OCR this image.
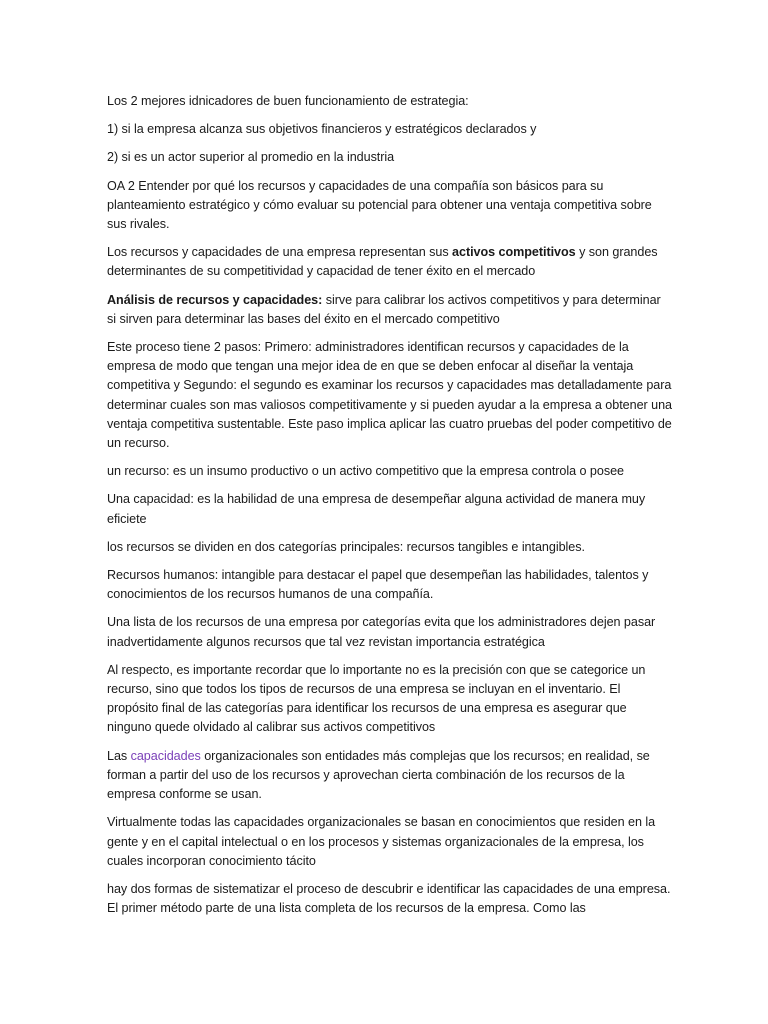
Los 2 mejores idnicadores de buen funcionamiento de estrategia:

1) si la empresa alcanza sus objetivos financieros y estratégicos declarados y

2) si es un actor superior al promedio en la industria

OA 2 Entender por qué los recursos y capacidades de una compañía son básicos para su planteamiento estratégico y cómo evaluar su potencial para obtener una ventaja competitiva sobre sus rivales.

Los recursos y capacidades de una empresa representan sus activos competitivos y son grandes determinantes de su competitividad y capacidad de tener éxito en el mercado

Análisis de recursos y capacidades: sirve para calibrar los activos competitivos y para determinar si sirven para determinar las bases del éxito en el mercado competitivo

Este proceso tiene 2 pasos: Primero: administradores identifican recursos y capacidades de la empresa de modo que tengan una mejor idea de en que se deben enfocar al diseñar la ventaja competitiva y Segundo: el segundo es examinar los recursos y capacidades mas detalladamente para determinar cuales son mas valiosos competitivamente y si pueden ayudar a la empresa a obtener una ventaja competitiva sustentable. Este paso implica aplicar las cuatro pruebas del poder competitivo de un recurso.

un recurso: es un insumo productivo o un activo competitivo que la empresa controla o posee

Una capacidad: es la habilidad de una empresa de desempeñar alguna actividad de manera muy eficiete

los recursos se dividen en dos categorías principales: recursos tangibles e intangibles.

Recursos humanos: intangible para destacar el papel que desempeñan las habilidades, talentos y conocimientos de los recursos humanos de una compañía.

Una lista de los recursos de una empresa por categorías evita que los administradores dejen pasar inadvertidamente algunos recursos que tal vez revistan importancia estratégica

Al respecto, es importante recordar que lo importante no es la precisión con que se categorice un recurso, sino que todos los tipos de recursos de una empresa se incluyan en el inventario. El propósito final de las categorías para identificar los recursos de una empresa es asegurar que ninguno quede olvidado al calibrar sus activos competitivos

Las capacidades organizacionales son entidades más complejas que los recursos; en realidad, se forman a partir del uso de los recursos y aprovechan cierta combinación de los recursos de la empresa conforme se usan.

Virtualmente todas las capacidades organizacionales se basan en conocimientos que residen en la gente y en el capital intelectual o en los procesos y sistemas organizacionales de la empresa, los cuales incorporan conocimiento tácito

hay dos formas de sistematizar el proceso de descubrir e identificar las capacidades de una empresa. El primer método parte de una lista completa de los recursos de la empresa. Como las
